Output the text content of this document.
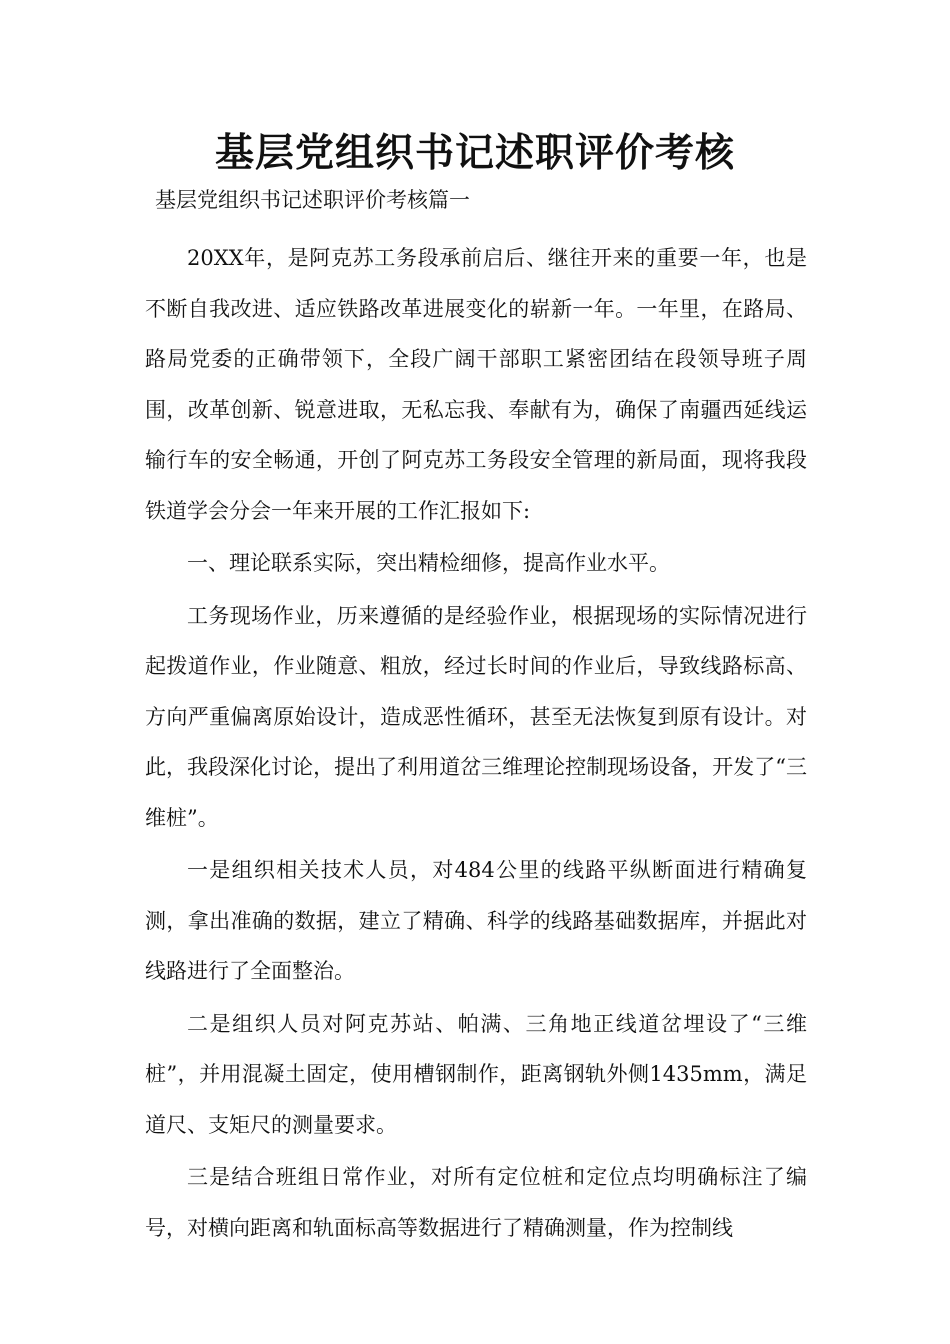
基层党组织书记述职评价考核
基层党组织书记述职评价考核篇一

20XX年，是阿克苏工务段承前启后、继往开来的重要一年，也是不断自我改进、适应铁路改革进展变化的崭新一年。一年里，在路局、路局党委的正确带领下，全段广阔干部职工紧密团结在段领导班子周围，改革创新、锐意进取，无私忘我、奉献有为，确保了南疆西延线运输行车的安全畅通，开创了阿克苏工务段安全管理的新局面，现将我段铁道学会分会一年来开展的工作汇报如下:

一、理论联系实际，突出精检细修，提高作业水平。

工务现场作业，历来遵循的是经验作业，根据现场的实际情况进行起拨道作业，作业随意、粗放，经过长时间的作业后，导致线路标高、方向严重偏离原始设计，造成恶性循环，甚至无法恢复到原有设计。对此，我段深化讨论，提出了利用道岔三维理论控制现场设备，开发了“三维桩”。

一是组织相关技术人员，对484公里的线路平纵断面进行精确复测，拿出准确的数据，建立了精确、科学的线路基础数据库，并据此对线路进行了全面整治。

二是组织人员对阿克苏站、帕满、三角地正线道岔埋设了“三维桩”，并用混凝土固定，使用槽钢制作，距离钢轨外侧1435mm，满足道尺、支矩尺的测量要求。

三是结合班组日常作业，对所有定位桩和定位点均明确标注了编号，对横向距离和轨面标高等数据进行了精确测量，作为控制线
